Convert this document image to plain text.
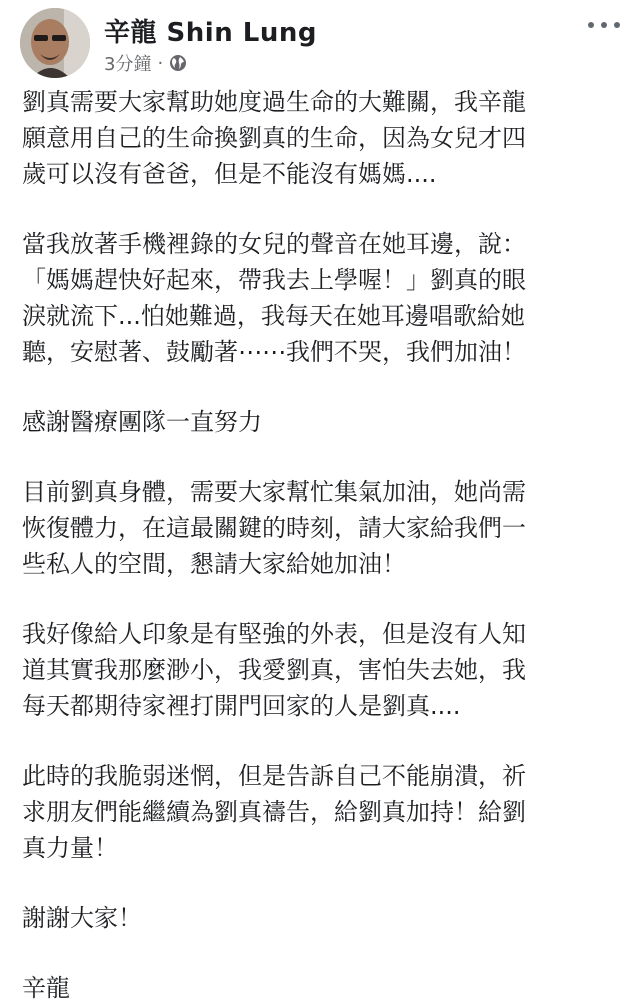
辛龍 Shin Lung
3分鐘 ·

劉真需要大家幫助她度過生命的大難關，我辛龍
願意用自己的生命換劉真的生命，因為女兒才四
歲可以沒有爸爸，但是不能沒有媽媽....

當我放著手機裡錄的女兒的聲音在她耳邊，說：
「媽媽趕快好起來，帶我去上學喔！」劉真的眼
淚就流下...怕她難過，我每天在她耳邊唱歌給她
聽，安慰著、鼓勵著⋯⋯我們不哭，我們加油！

感謝醫療團隊一直努力

目前劉真身體，需要大家幫忙集氣加油，她尚需
恢復體力，在這最關鍵的時刻，請大家給我們一
些私人的空間，懇請大家給她加油！

我好像給人印象是有堅強的外表，但是沒有人知
道其實我那麼渺小，我愛劉真，害怕失去她，我
每天都期待家裡打開門回家的人是劉真....

此時的我脆弱迷惘，但是告訴自己不能崩潰，祈
求朋友們能繼續為劉真禱告，給劉真加持！給劉
真力量！

謝謝大家！

辛龍
